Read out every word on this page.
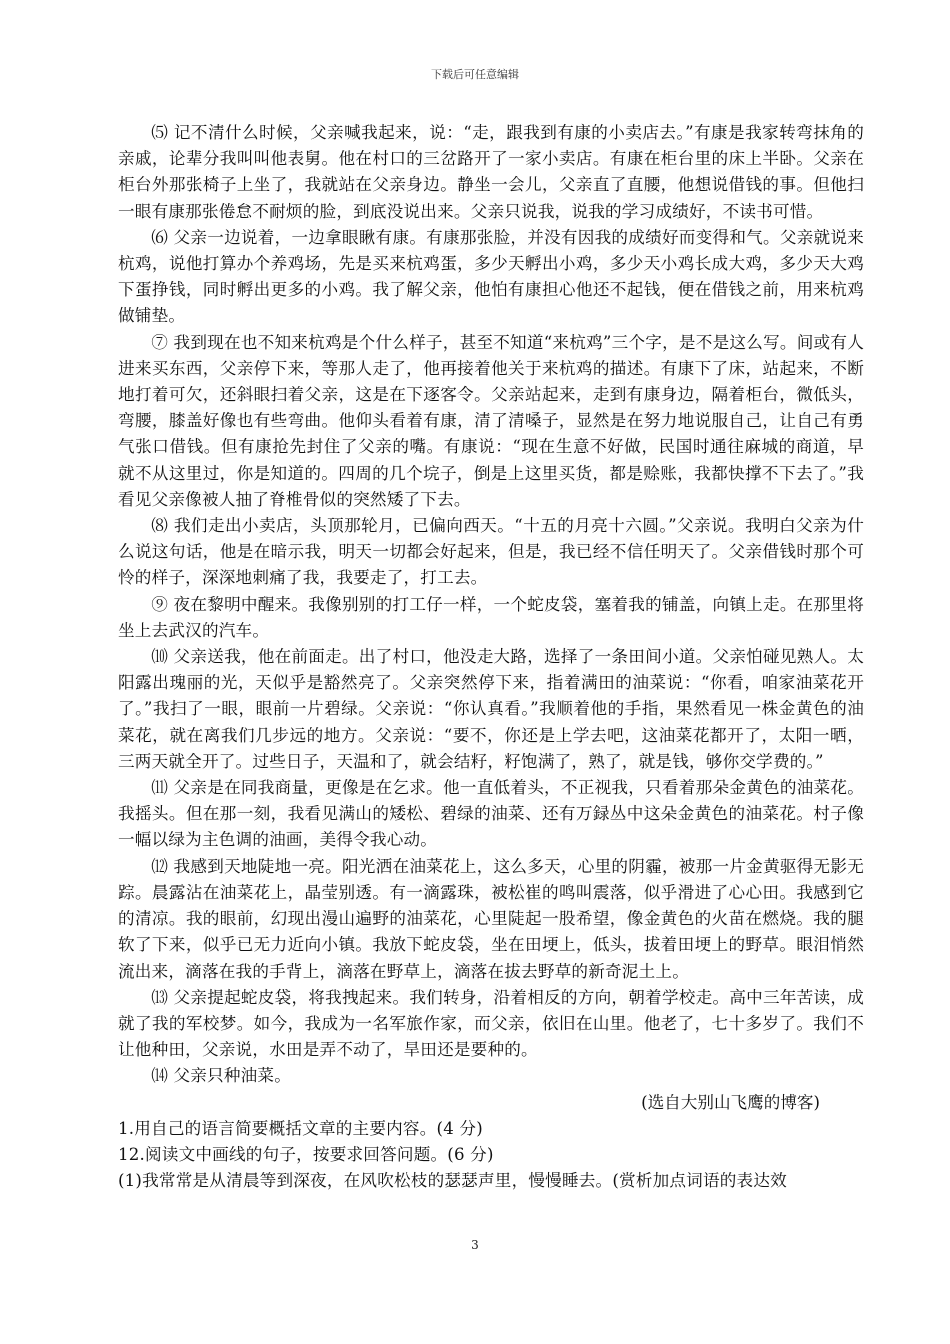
下载后可任意编辑

⑸ 记不清什么时候，父亲喊我起来，说：“走，跟我到有康的小卖店去。”有康是我家转弯抹角的亲戚，论辈分我叫叫他表舅。他在村口的三岔路开了一家小卖店。有康在柜台里的床上半卧。父亲在柜台外那张椅子上坐了，我就站在父亲身边。静坐一会儿，父亲直了直腰，他想说借钱的事。但他扫一眼有康那张倦怠不耐烦的脸，到底没说出来。父亲只说我，说我的学习成绩好，不读书可惜。

⑹ 父亲一边说着，一边拿眼瞅有康。有康那张脸，并没有因我的成绩好而变得和气。父亲就说来杭鸡，说他打算办个养鸡场，先是买来杭鸡蛋，多少天孵出小鸡，多少天小鸡长成大鸡，多少天大鸡下蛋挣钱，同时孵出更多的小鸡。我了解父亲，他怕有康担心他还不起钱，便在借钱之前，用来杭鸡做铺垫。

⑦ 我到现在也不知来杭鸡是个什么样子，甚至不知道“来杭鸡”三个字，是不是这么写。间或有人进来买东西，父亲停下来，等那人走了，他再接着他关于来杭鸡的描述。有康下了床，站起来，不断地打着可欠，还斜眼扫着父亲，这是在下逐客令。父亲站起来，走到有康身边，隔着柜台，微低头，弯腰，膝盖好像也有些弯曲。他仰头看着有康，清了清嗓子，显然是在努力地说服自己，让自己有勇气张口借钱。但有康抢先封住了父亲的嘴。有康说：“现在生意不好做，民国时通往麻城的商道，早就不从这里过，你是知道的。四周的几个垸子，倒是上这里买货，都是赊账，我都快撑不下去了。”我看见父亲像被人抽了脊椎骨似的突然矮了下去。

⑻ 我们走出小卖店，头顶那轮月，已偏向西天。“十五的月亮十六圆。”父亲说。我明白父亲为什么说这句话，他是在暗示我，明天一切都会好起来，但是，我已经不信任明天了。父亲借钱时那个可怜的样子，深深地刺痛了我，我要走了，打工去。

⑨ 夜在黎明中醒来。我像别别的打工仔一样，一个蛇皮袋，塞着我的铺盖，向镇上走。在那里将坐上去武汉的汽车。

⑽ 父亲送我，他在前面走。出了村口，他没走大路，选择了一条田间小道。父亲怕碰见熟人。太阳露出瑰丽的光，天似乎是豁然亮了。父亲突然停下来，指着满田的油菜说：“你看，咱家油菜花开了。”我扫了一眼，眼前一片碧绿。父亲说：“你认真看。”我顺着他的手指，果然看见一株金黄色的油菜花，就在离我们几步远的地方。父亲说：“要不，你还是上学去吧，这油菜花都开了，太阳一晒，三两天就全开了。过些日子，天温和了，就会结籽，籽饱满了，熟了，就是钱，够你交学费的。”

⑾ 父亲是在同我商量，更像是在乞求。他一直低着头，不正视我，只看着那朵金黄色的油菜花。我摇头。但在那一刻，我看见满山的矮松、碧绿的油菜、还有万録丛中这朵金黄色的油菜花。村子像一幅以绿为主色调的油画，美得令我心动。

⑿ 我感到天地陡地一亮。阳光洒在油菜花上，这么多天，心里的阴霾，被那一片金黄驱得无影无踪。晨露沾在油菜花上，晶莹别透。有一滴露珠，被松崔的鸣叫震落，似乎滑进了心心田。我感到它的清凉。我的眼前，幻现出漫山遍野的油菜花，心里陡起一股希望，像金黄色的火苗在燃烧。我的腿软了下来，似乎已无力近向小镇。我放下蛇皮袋，坐在田埂上，低头，拔着田埂上的野草。眼泪悄然流出来，滴落在我的手背上，滴落在野草上，滴落在拔去野草的新奇泥土上。

⒀ 父亲提起蛇皮袋，将我拽起来。我们转身，沿着相反的方向，朝着学校走。高中三年苦读，成就了我的军校梦。如今，我成为一名军旅作家，而父亲，依旧在山里。他老了，七十多岁了。我们不让他种田，父亲说，水田是弄不动了，旱田还是要种的。

⒁ 父亲只种油菜。

(选自大别山飞鹰的博客)

1.用自己的语言简要概括文章的主要内容。(4 分)

12.阅读文中画线的句子，按要求回答问题。(6 分)

(1)我常常是从清晨等到深夜，在风吹松枝的瑟瑟声里，慢慢睡去。(赏析加点词语的表达效

3
